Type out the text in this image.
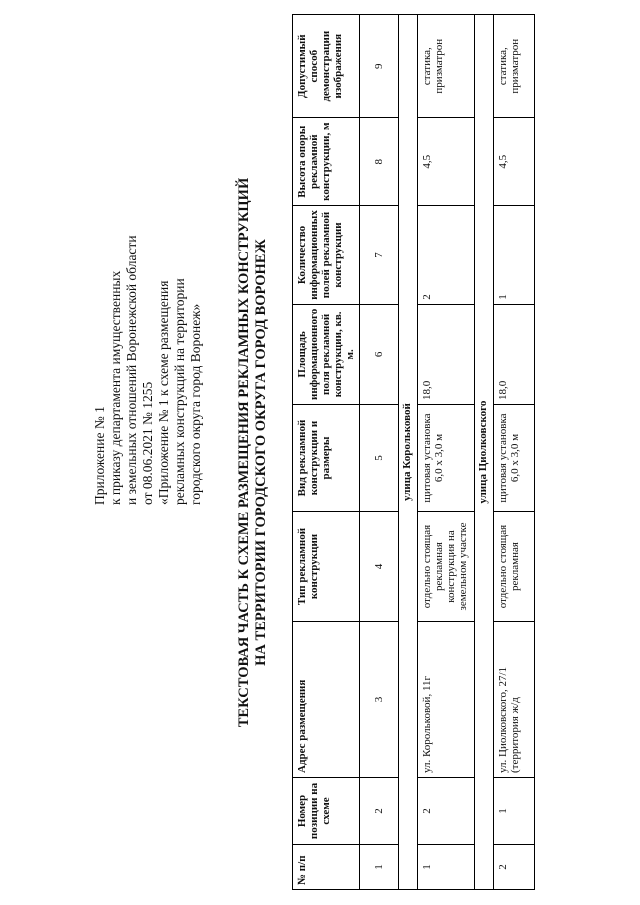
Приложение № 1 к приказу департамента имущественных и земельных отношений Воронежской области от 08.06.2021 № 1255 «Приложение № 1 к схеме размещения рекламных конструкций на территории городского округа город Воронеж» ТЕКСТОВАЯ ЧАСТЬ К СХЕМЕ РАЗМЕЩЕНИЯ РЕКЛАМНЫХ КОНСТРУКЦИЙ НА ТЕРРИТОРИИ ГОРОДСКОГО ОКРУГА ГОРОД ВОРОНЕЖ
№ п/п	Номер позиции на схеме	Адрес размещения	Тип рекламной конструкции	Вид рекламной конструкции и размеры	Площадь информационного поля рекламной конструкции, кв. м.	Количество информационных полей рекламной конструкции	Высота опоры рекламной конструкции, м	Допустимый способ демонстрации изображения
1	2	3	4	5	6	7	8	9
улица Корольковой								
1	2	ул. Корольковой, 11г	отдельно стоящая рекламная конструкция на земельном участке	щитовая установка 6,0 х 3,0 м	18,0	2	4,5	статика, призматрон
улица Циолковского								
2	1	ул. Циолковского, 27/1 (территория ж/д	отдельно стоящая рекламная	щитовая установка 6,0 х 3,0 м	18,0	1	4,5	статика, призматрон
